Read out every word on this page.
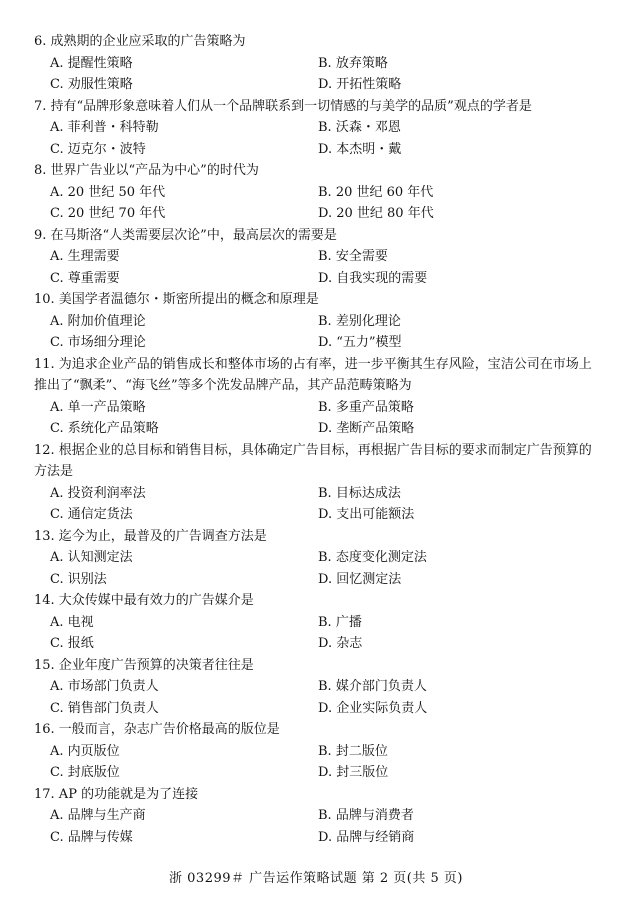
6. 成熟期的企业应采取的广告策略为
A. 提醒性策略	B. 放弃策略
C. 劝服性策略	D. 开拓性策略
7. 持有“品牌形象意味着人们从一个品牌联系到一切情感的与美学的品质”观点的学者是
A. 菲利普・科特勒	B. 沃森・邓恩
C. 迈克尔・波特	D. 本杰明・戴
8. 世界广告业以“产品为中心”的时代为
A. 20 世纪 50 年代	B. 20 世纪 60 年代
C. 20 世纪 70 年代	D. 20 世纪 80 年代
9. 在马斯洛“人类需要层次论”中，最高层次的需要是
A. 生理需要	B. 安全需要
C. 尊重需要	D. 自我实现的需要
10. 美国学者温德尔・斯密所提出的概念和原理是
A. 附加价值理论	B. 差别化理论
C. 市场细分理论	D. “五力”模型
11. 为追求企业产品的销售成长和整体市场的占有率，进一步平衡其生存风险，宝洁公司在市场上推出了“飘柔”、“海飞丝”等多个洗发品牌产品，其产品范畴策略为
A. 单一产品策略	B. 多重产品策略
C. 系统化产品策略	D. 垄断产品策略
12. 根据企业的总目标和销售目标，具体确定广告目标，再根据广告目标的要求而制定广告预算的方法是
A. 投资利润率法	B. 目标达成法
C. 通信定货法	D. 支出可能额法
13. 迄今为止，最普及的广告调查方法是
A. 认知测定法	B. 态度变化测定法
C. 识别法	D. 回忆测定法
14. 大众传媒中最有效力的广告媒介是
A. 电视	B. 广播
C. 报纸	D. 杂志
15. 企业年度广告预算的决策者往往是
A. 市场部门负责人	B. 媒介部门负责人
C. 销售部门负责人	D. 企业实际负责人
16. 一般而言，杂志广告价格最高的版位是
A. 内页版位	B. 封二版位
C. 封底版位	D. 封三版位
17. AP 的功能就是为了连接
A. 品牌与生产商	B. 品牌与消费者
C. 品牌与传媒	D. 品牌与经销商
浙 03299＃ 广告运作策略试题 第 2 页(共 5 页)
